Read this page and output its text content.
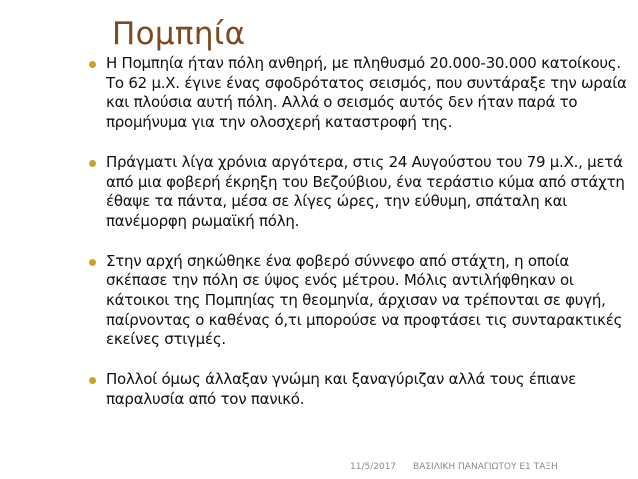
Πομπηία
Η Πομπηία ήταν πόλη ανθηρή, με πληθυσμό 20.000-30.000 κατοίκους. Το 62 μ.Χ. έγινε ένας σφοδρότατος σεισμός, που συντάραξε την ωραία και πλούσια αυτή πόλη. Αλλά ο σεισμός αυτός δεν ήταν παρά το προμήνυμα για την ολοσχερή καταστροφή της.
Πράγματι λίγα χρόνια αργότερα, στις 24 Αυγούστου του 79 μ.Χ., μετά από μια φοβερή έκρηξη του Βεζούβιου, ένα τεράστιο κύμα από στάχτη έθαψε τα πάντα, μέσα σε λίγες ώρες, την εύθυμη, σπάταλη και πανέμορφη ρωμαϊκή πόλη.
Στην αρχή σηκώθηκε ένα φοβερό σύννεφο από στάχτη, η οποία σκέπασε την πόλη σε ύψος ενός μέτρου. Μόλις αντιλήφθηκαν οι κάτοικοι της Πομπηίας τη θεομηνία, άρχισαν να τρέπονται σε φυγή, παίρνοντας ο καθένας ό,τι μπορούσε να προφτάσει τις συνταρακτικές εκείνες στιγμές.
Πολλοί όμως άλλαξαν γνώμη και ξαναγύριζαν αλλά τους έπιανε παραλυσία από τον πανικό.
11/5/2017 ΒΑΣΙΛΙΚΗ ΠΑΝΑΓΙΩΤΟΥ Ε1 ΤΑΞΗ
